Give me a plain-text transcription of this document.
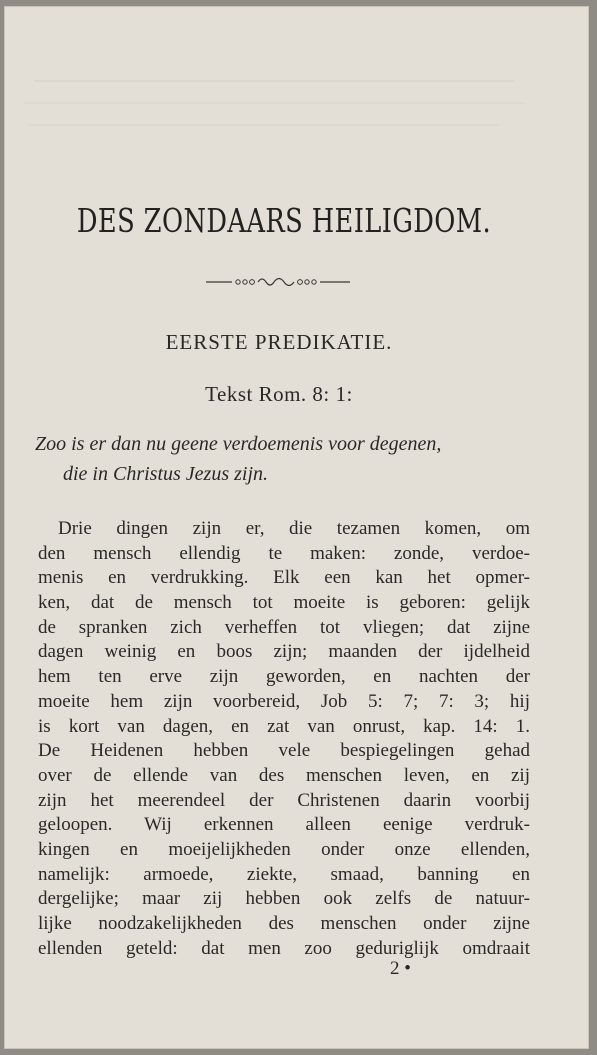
DES ZONDAARS HEILIGDOM.
EERSTE PREDIKATIE.
Tekst Rom. 8: 1:
Zoo is er dan nu geene verdoemenis voor degenen,
die in Christus Jezus zijn.
Drie dingen zijn er, die tezamen komen, om
den mensch ellendig te maken: zonde, verdoe-
menis en verdrukking. Elk een kan het opmer-
ken, dat de mensch tot moeite is geboren: gelijk
de spranken zich verheffen tot vliegen; dat zijne
dagen weinig en boos zijn; maanden der ijdelheid
hem ten erve zijn geworden, en nachten der
moeite hem zijn voorbereid, Job 5: 7; 7: 3; hij
is kort van dagen, en zat van onrust, kap. 14: 1.
De Heidenen hebben vele bespiegelingen gehad
over de ellende van des menschen leven, en zij
zijn het meerendeel der Christenen daarin voorbij
geloopen. Wij erkennen alleen eenige verdruk-
kingen en moeijelijkheden onder onze ellenden,
namelijk: armoede, ziekte, smaad, banning en
dergelijke; maar zij hebben ook zelfs de natuur-
lijke noodzakelijkheden des menschen onder zijne
ellenden geteld: dat men zoo geduriglijk omdraait
2 •
